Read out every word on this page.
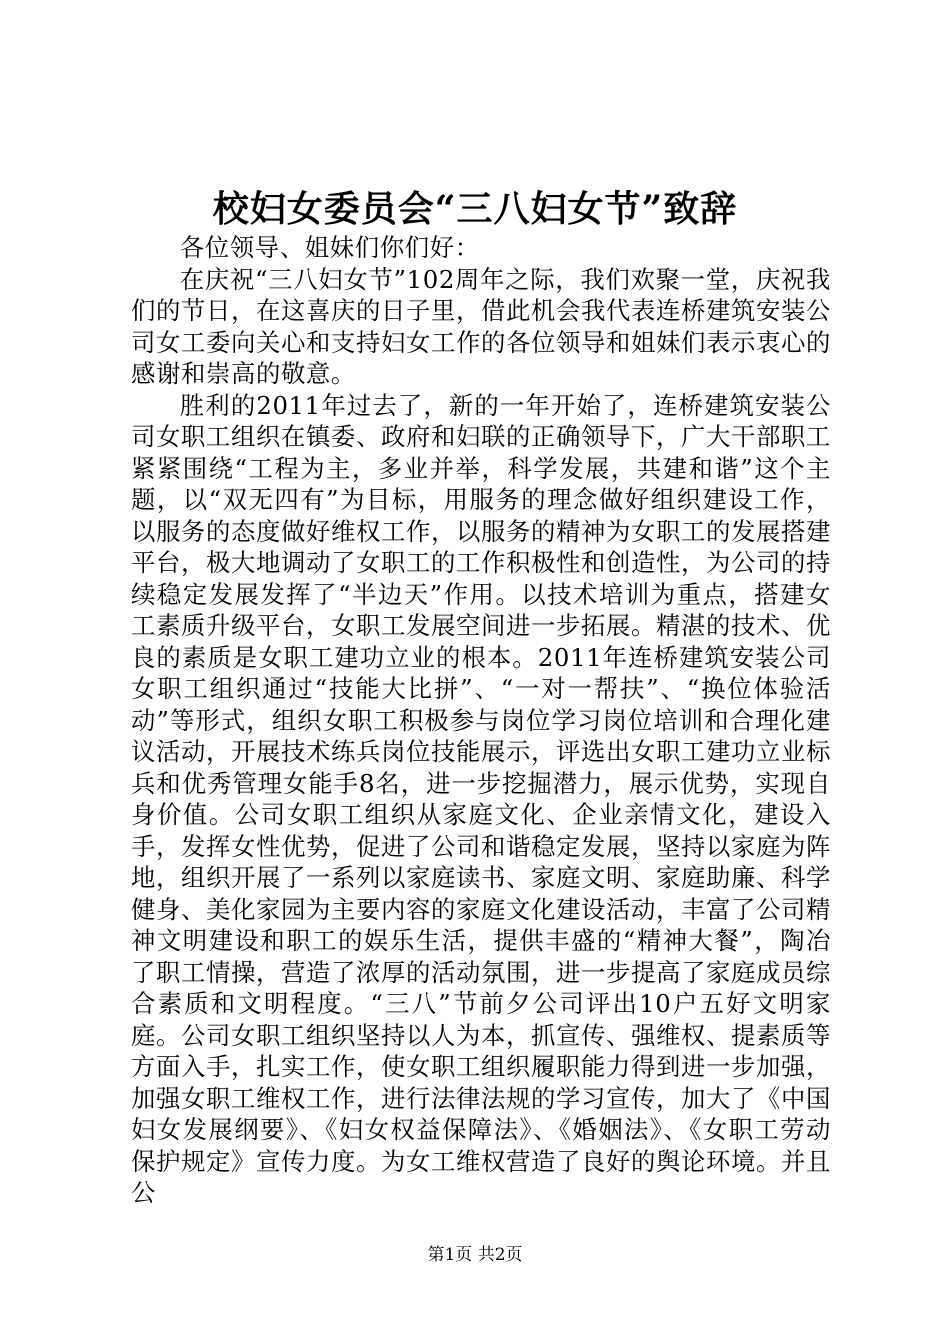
校妇女委员会“三八妇女节”致辞

各位领导、姐妹们你们好：

在庆祝“三八妇女节”102周年之际，我们欢聚一堂，庆祝我们的节日，在这喜庆的日子里，借此机会我代表连桥建筑安装公司女工委向关心和支持妇女工作的各位领导和姐妹们表示衷心的感谢和崇高的敬意。

胜利的2011年过去了，新的一年开始了，连桥建筑安装公司女职工组织在镇委、政府和妇联的正确领导下，广大干部职工紧紧围绕“工程为主，多业并举，科学发展，共建和谐”这个主题，以“双无四有”为目标，用服务的理念做好组织建设工作，以服务的态度做好维权工作，以服务的精神为女职工的发展搭建平台，极大地调动了女职工的工作积极性和创造性，为公司的持续稳定发展发挥了“半边天”作用。以技术培训为重点，搭建女工素质升级平台，女职工发展空间进一步拓展。精湛的技术、优良的素质是女职工建功立业的根本。2011年连桥建筑安装公司女职工组织通过“技能大比拼”、“一对一帮扶”、“换位体验活动”等形式，组织女职工积极参与岗位学习岗位培训和合理化建议活动，开展技术练兵岗位技能展示，评选出女职工建功立业标兵和优秀管理女能手8名，进一步挖掘潜力，展示优势，实现自身价值。公司女职工组织从家庭文化、企业亲情文化，建设入手，发挥女性优势，促进了公司和谐稳定发展，坚持以家庭为阵地，组织开展了一系列以家庭读书、家庭文明、家庭助廉、科学健身、美化家园为主要内容的家庭文化建设活动，丰富了公司精神文明建设和职工的娱乐生活，提供丰盛的“精神大餐”，陶冶了职工情操，营造了浓厚的活动氛围，进一步提高了家庭成员综合素质和文明程度。“三八”节前夕公司评出10户五好文明家庭。公司女职工组织坚持以人为本，抓宣传、强维权、提素质等方面入手，扎实工作，使女职工组织履职能力得到进一步加强，加强女职工维权工作，进行法律法规的学习宣传，加大了《中国妇女发展纲要》、《妇女权益保障法》、《婚姻法》、《女职工劳动保护规定》宣传力度。为女工维权营造了良好的舆论环境。并且公

第1页 共2页
